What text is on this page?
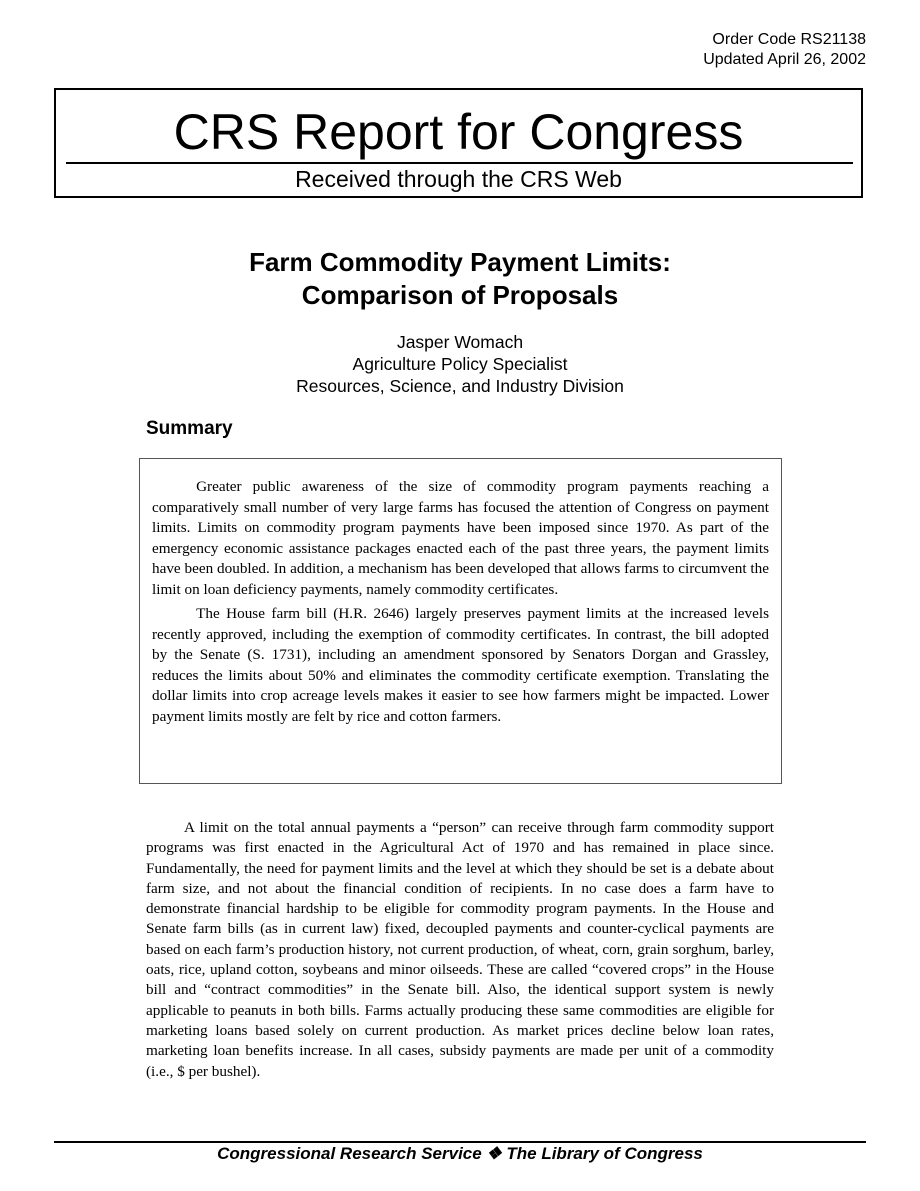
Order Code RS21138
Updated April 26, 2002
CRS Report for Congress
Received through the CRS Web
Farm Commodity Payment Limits:
Comparison of Proposals
Jasper Womach
Agriculture Policy Specialist
Resources, Science, and Industry Division
Summary

Greater public awareness of the size of commodity program payments reaching a comparatively small number of very large farms has focused the attention of Congress on payment limits. Limits on commodity program payments have been imposed since 1970. As part of the emergency economic assistance packages enacted each of the past three years, the payment limits have been doubled. In addition, a mechanism has been developed that allows farms to circumvent the limit on loan deficiency payments, namely commodity certificates.

The House farm bill (H.R. 2646) largely preserves payment limits at the increased levels recently approved, including the exemption of commodity certificates. In contrast, the bill adopted by the Senate (S. 1731), including an amendment sponsored by Senators Dorgan and Grassley, reduces the limits about 50% and eliminates the commodity certificate exemption. Translating the dollar limits into crop acreage levels makes it easier to see how farmers might be impacted. Lower payment limits mostly are felt by rice and cotton farmers.

A limit on the total annual payments a “person” can receive through farm commodity support programs was first enacted in the Agricultural Act of 1970 and has remained in place since. Fundamentally, the need for payment limits and the level at which they should be set is a debate about farm size, and not about the financial condition of recipients. In no case does a farm have to demonstrate financial hardship to be eligible for commodity program payments. In the House and Senate farm bills (as in current law) fixed, decoupled payments and counter-cyclical payments are based on each farm’s production history, not current production, of wheat, corn, grain sorghum, barley, oats, rice, upland cotton, soybeans and minor oilseeds. These are called “covered crops” in the House bill and “contract commodities” in the Senate bill. Also, the identical support system is newly applicable to peanuts in both bills. Farms actually producing these same commodities are eligible for marketing loans based solely on current production. As market prices decline below loan rates, marketing loan benefits increase. In all cases, subsidy payments are made per unit of a commodity (i.e., $ per bushel).

Congressional Research Service ❖ The Library of Congress
